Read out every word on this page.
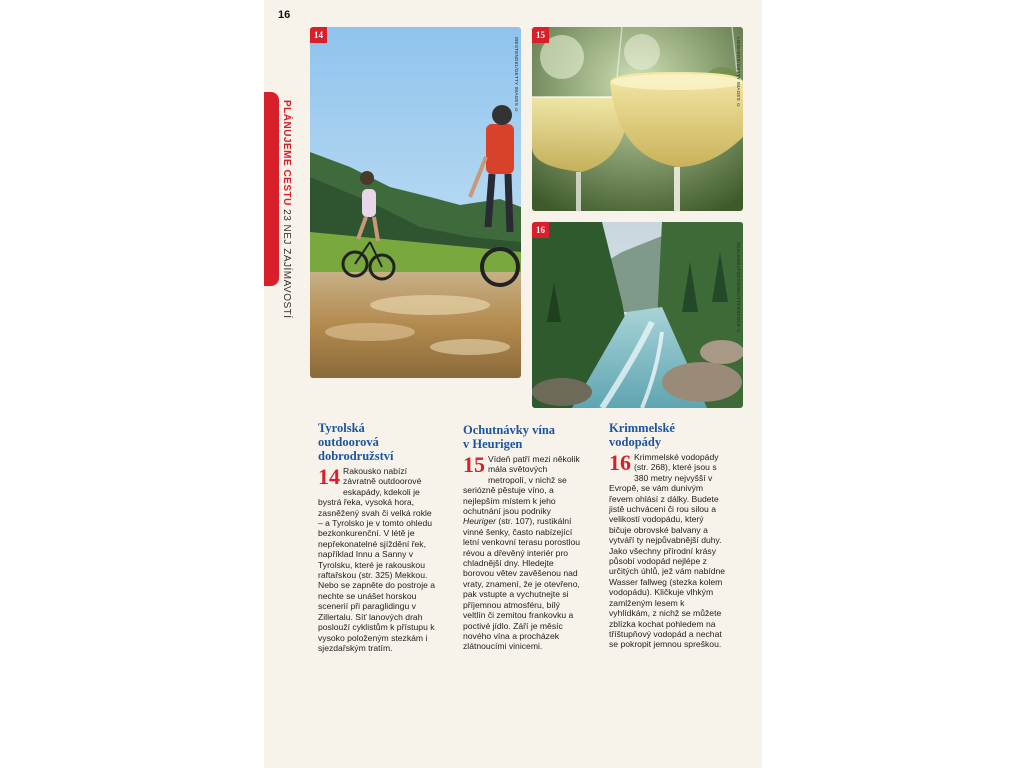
16
PLÁNUJEME CESTU 23 NEJ ZAJÍMAVOSTÍ
14
WESTEND61/GETTY IMAGES ©
15
LIENHERR/GETTY IMAGES ©
16
SCHLEGELFOTOS/SHUTTERSTOCK ©
Tyrolská
outdoorová
dobrodružství
14 Rakousko nabízí závratně outdoorové eskapády, kdekoli je bystrá řeka, vysoká hora, zasněžený svah či velká rokle – a Tyrolsko je v tomto ohledu bezkonkurenční. V létě je nepřekonatelné sjíždění řek, například Innu a Sanny v Tyrolsku, které je rakouskou raftařskou (str. 325) Mekkou. Nebo se zapněte do postroje a nechte se unášet horskou scenerií při paraglidingu v Zillertalu. Síť lanových drah poslouží cyklistům k přístupu k vysoko položeným stezkám i sjezdařským tratím.
Ochutnávky vína
v Heurigen
15 Vídeň patří mezi několik mála světových metropolí, v nichž se seriózně pěstuje víno, a nejlepším místem k jeho ochutnání jsou podniky Heuriger (str. 107), rustikální vinné šenky, často nabízející letní venkovní terasu porostlou révou a dřevěný interiér pro chladnější dny. Hledejte borovou větev zavěšenou nad vraty, znamení, že je otevřeno, pak vstupte a vychutnejte si příjemnou atmosféru, bílý veltlín či zemitou frankovku a poctivé jídlo. Září je měsíc nového vína a procházek zlátnoucími vinicemi.
Krimmelské
vodopády
16 Krimmelské vodopády (str. 268), které jsou s 380 metry nejvyšší v Evropě, se vám dunivým řevem ohlásí z dálky. Budete jistě uchváceni či rou silou a velikostí vodopádu, který bičuje obrovské balvany a vytváří ty nejpůvabnější duhy. Jako všechny přírodní krásy působí vodopád nejlépe z určitých úhlů, jež vám nabídne Wasser fallweg (stezka kolem vodopádu). Kličkuje vlhkým zamlženým lesem k vyhlídkám, z nichž se můžete zblízka kochat pohledem na tříštupňový vodopád a nechat se pokropit jemnou spreškou.
